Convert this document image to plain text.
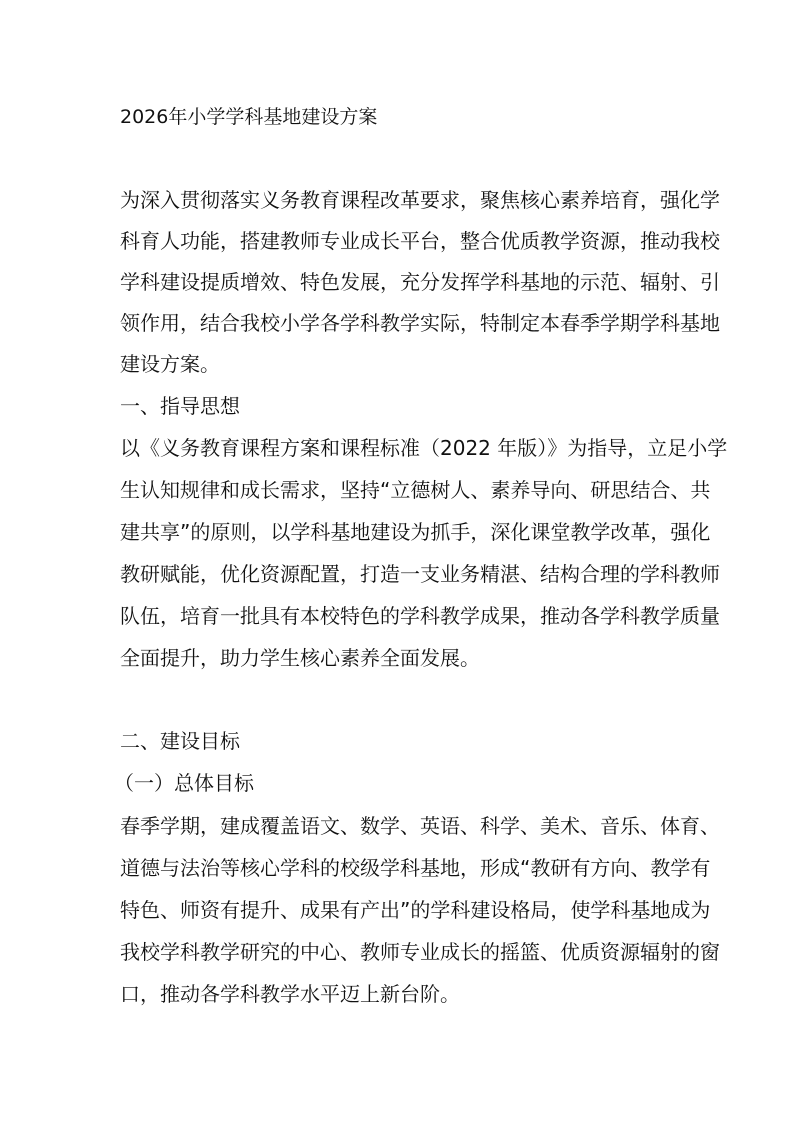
2026年小学学科基地建设方案
为深入贯彻落实义务教育课程改革要求，聚焦核心素养培育，强化学
科育人功能，搭建教师专业成长平台，整合优质教学资源，推动我校
学科建设提质增效、特色发展，充分发挥学科基地的示范、辐射、引
领作用，结合我校小学各学科教学实际，特制定本春季学期学科基地
建设方案。
一、指导思想
以《义务教育课程方案和课程标准（2022 年版）》为指导，立足小学
生认知规律和成长需求，坚持“立德树人、素养导向、研思结合、共
建共享”的原则，以学科基地建设为抓手，深化课堂教学改革，强化
教研赋能，优化资源配置，打造一支业务精湛、结构合理的学科教师
队伍，培育一批具有本校特色的学科教学成果，推动各学科教学质量
全面提升，助力学生核心素养全面发展。
二、建设目标
（一）总体目标
春季学期，建成覆盖语文、数学、英语、科学、美术、音乐、体育、
道德与法治等核心学科的校级学科基地，形成“教研有方向、教学有
特色、师资有提升、成果有产出”的学科建设格局，使学科基地成为
我校学科教学研究的中心、教师专业成长的摇篮、优质资源辐射的窗
口，推动各学科教学水平迈上新台阶。
